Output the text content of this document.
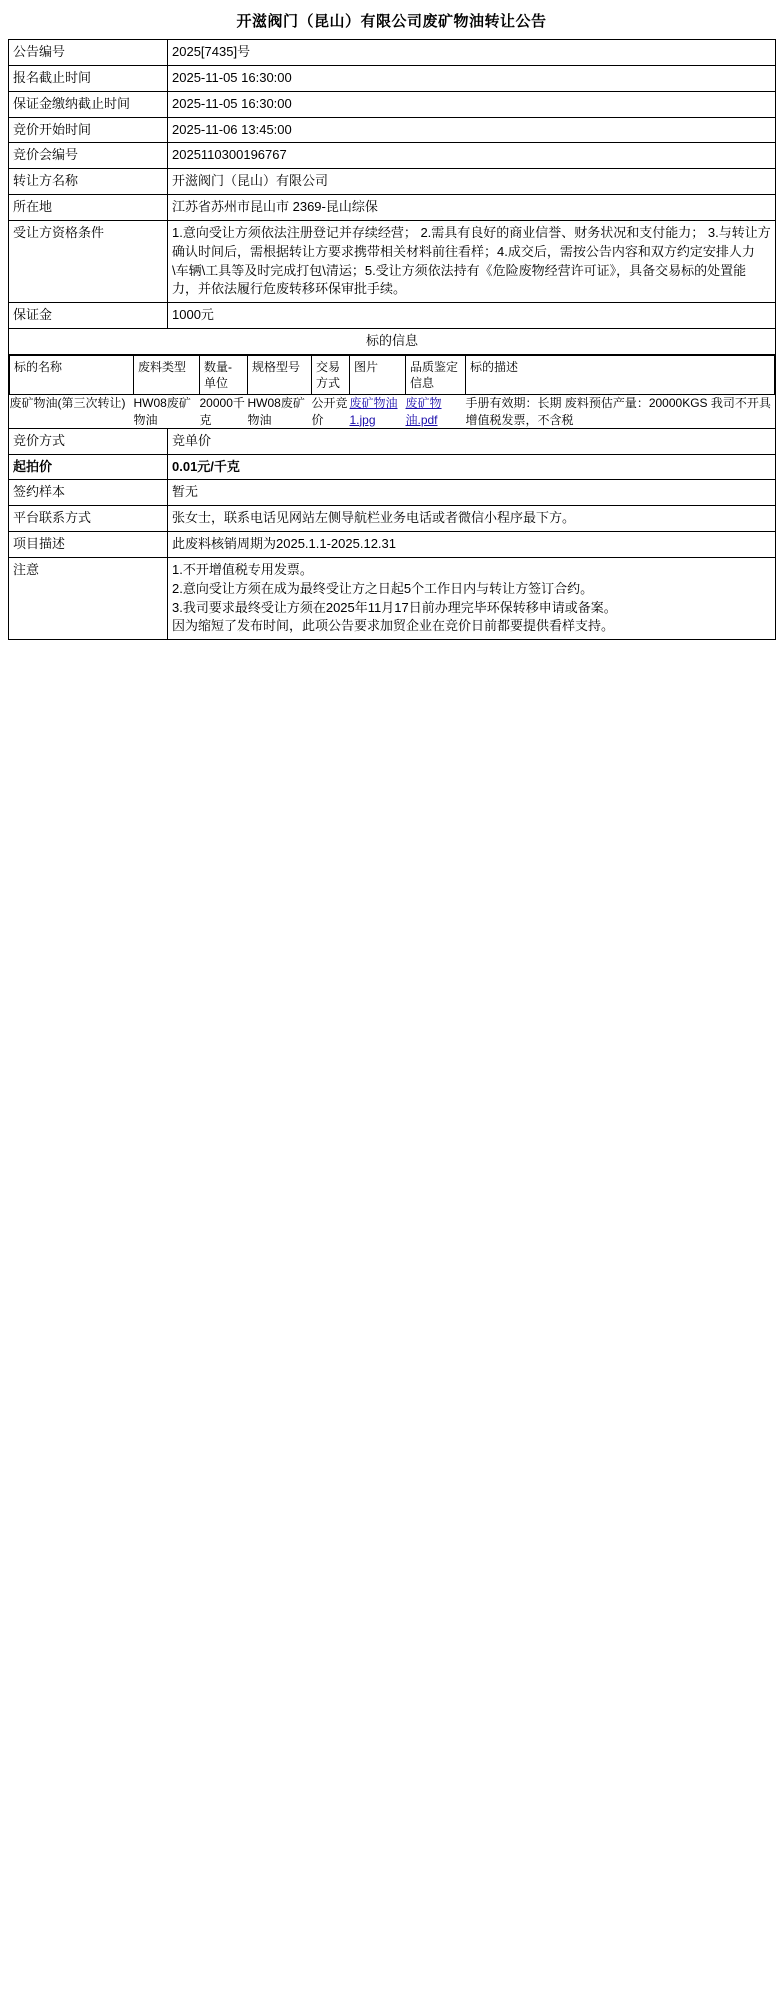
开滋阀门（昆山）有限公司废矿物油转让公告
公告编号	2025[7435]号
报名截止时间	2025-11-05 16:30:00
保证金缴纳截止时间	2025-11-05 16:30:00
竞价开始时间	2025-11-06 13:45:00
竞价会编号	2025110300196767
转让方名称	开滋阀门（昆山）有限公司
所在地	江苏省苏州市昆山市 2369-昆山综保
受让方资格条件	1.意向受让方须依法注册登记并存续经营； 2.需具有良好的商业信誉、财务状况和支付能力； 3.与转让方确认时间后，需根据转让方要求携带相关材料前往看样；4.成交后，需按公告内容和双方约定安排人力\车辆\工具等及时完成打包\清运；5.受让方须依法持有《危险废物经营许可证》，具备交易标的处置能力，并依法履行危废转移环保审批手续。
保证金	1000元
标的信息

标的名称	废料类型	数量-单位	规格型号	交易方式	图片	品质鉴定信息	标的描述
废矿物油(第三次转让)	HW08废矿物油	20000千克	HW08废矿物油	公开竞价	废矿物油1.jpg	废矿物油.pdf	手册有效期：长期 废料预估产量：20000KGS 我司不开具增值税发票，不含税

竞价方式	竞单价
起拍价	0.01元/千克
签约样本	暂无
平台联系方式	张女士，联系电话见网站左侧导航栏业务电话或者微信小程序最下方。
项目描述	此废料核销周期为2025.1.1-2025.12.31
注意	1.不开增值税专用发票。
2.意向受让方须在成为最终受让方之日起5个工作日内与转让方签订合约。
3.我司要求最终受让方须在2025年11月17日前办理完毕环保转移申请或备案。
因为缩短了发布时间，此项公告要求加贸企业在竞价日前都要提供看样支持。
